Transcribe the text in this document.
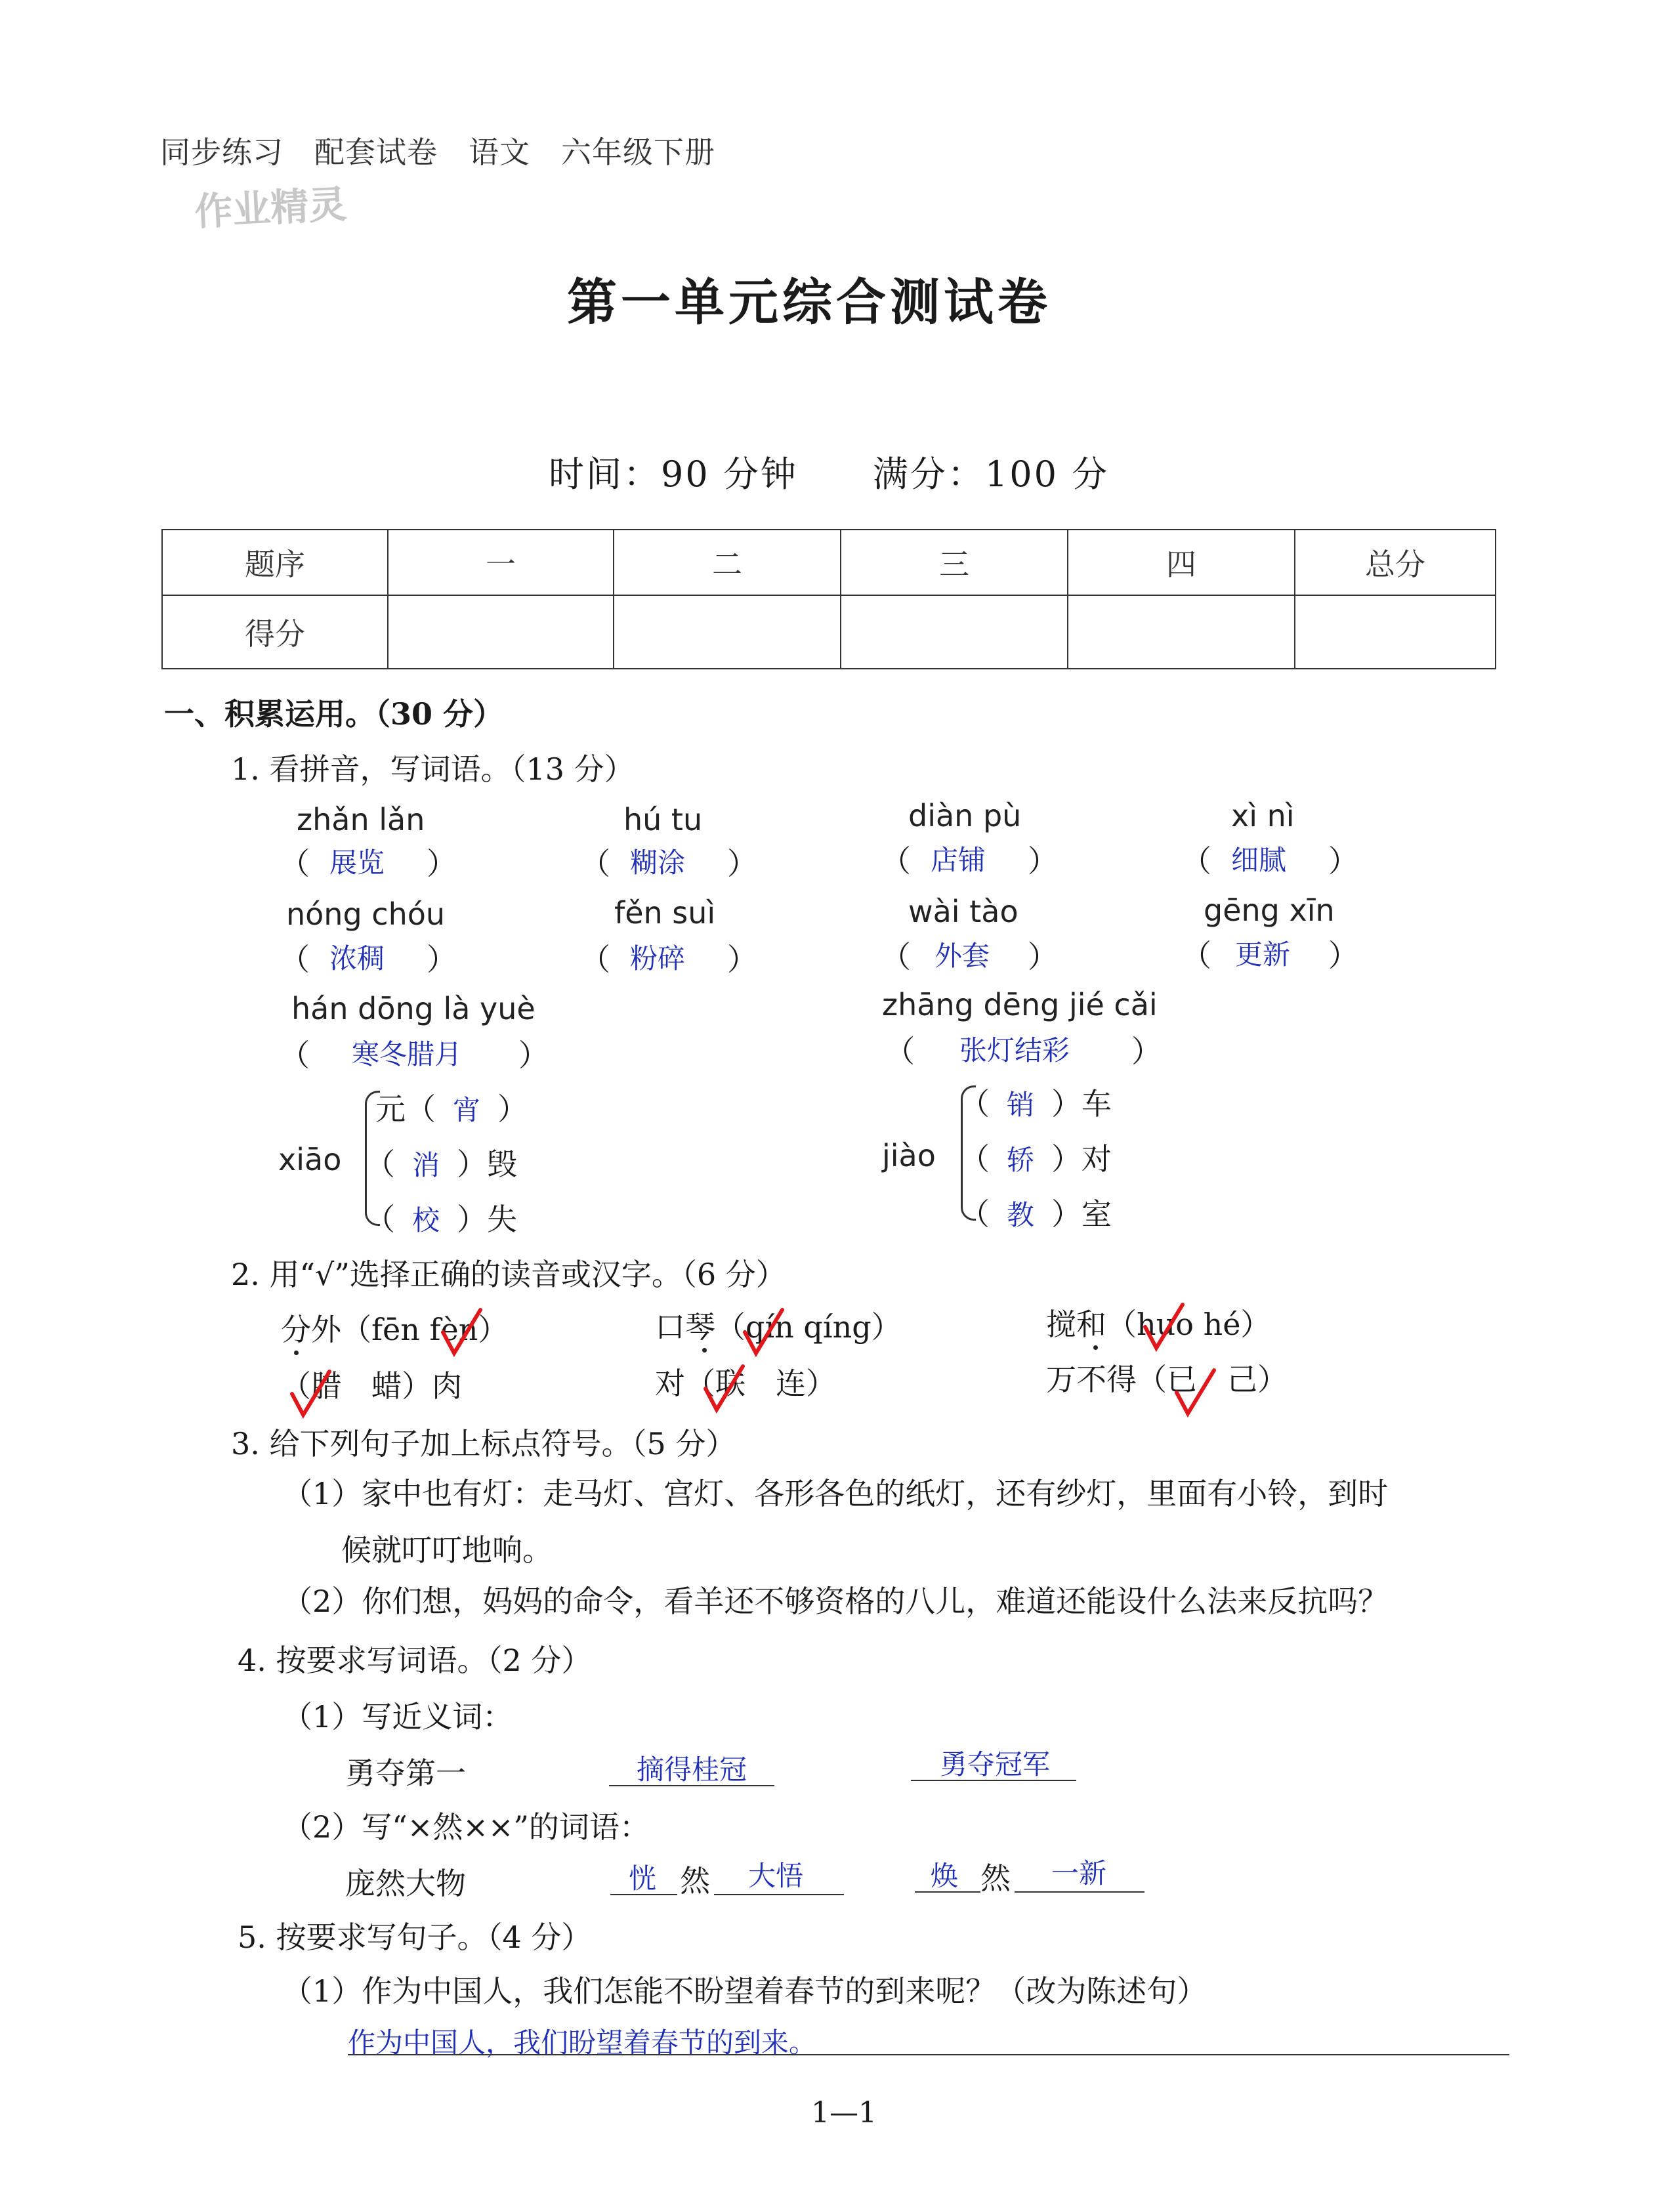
同步练习　配套试卷　语文　六年级下册
作业精灵
第一单元综合测试卷
时间：90 分钟　　满分：100 分
题序	一	二	三	四	总分
得分					
一、积累运用。（30 分）
1. 看拼音，写词语。（13 分）
zhǎn lǎn	hú tu	diàn pù	xì nì
（ 展览 ）	（ 糊涂 ）	（ 店铺 ）	（ 细腻 ）
nóng chóu	fěn suì	wài tào	gēng xīn
（ 浓稠 ）	（ 粉碎 ）	（ 外套 ）	（ 更新 ）
hán dōng là yuè	zhāng dēng jié cǎi
（ 寒冬腊月 ）	（ 张灯结彩 ）
xiāo
元（ 宵 ）
（ 消 ）毁
（ 校 ）失
jiào
（ 销 ）车
（ 轿 ）对
（ 教 ）室
2. 用“√”选择正确的读音或汉字。（6 分）
分外（fēn fèn）	口琴（qín qíng）	搅和（huo hé）
（腊　蜡）肉	对（联　连）	万不得（已　己）
3. 给下列句子加上标点符号。（5 分）
（1）家中也有灯：走马灯、宫灯、各形各色的纸灯，还有纱灯，里面有小铃，到时
候就叮叮地响。
（2）你们想，妈妈的命令，看羊还不够资格的八儿，难道还能设什么法来反抗吗？
4. 按要求写词语。（2 分）
（1）写近义词：
勇夺第一	摘得桂冠	勇夺冠军
（2）写“×然××”的词语：
庞然大物	恍 然 大悟	焕 然 一新
5. 按要求写句子。（4 分）
（1）作为中国人，我们怎能不盼望着春节的到来呢？（改为陈述句）
作为中国人，我们盼望着春节的到来。
1—1
